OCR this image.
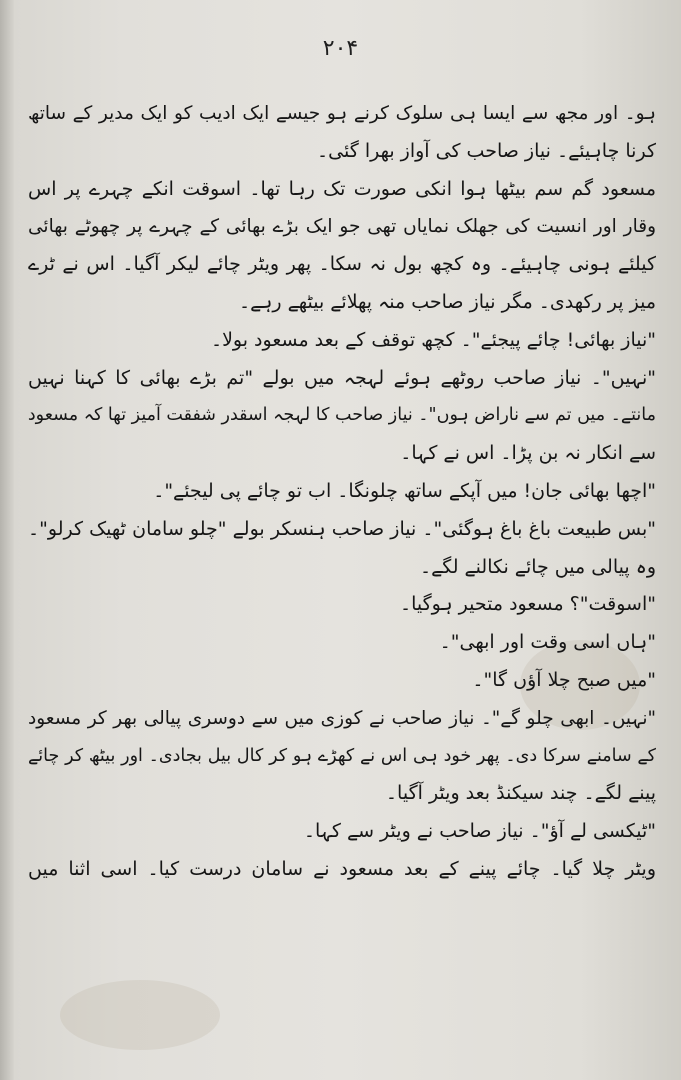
۲۰۴
ہو۔ اور مجھ سے ایسا ہی سلوک کرنے ہو جیسے ایک ادیب کو ایک مدیر کے ساتھ
کرنا چاہیئے۔ نیاز صاحب کی آواز بھرا گئی۔
مسعود گم سم بیٹھا ہوا انکی صورت تک رہا تھا۔ اسوقت انکے چہرے پر اس
وقار اور انسیت کی جھلک نمایاں تھی جو ایک بڑے بھائی کے چہرے پر چھوٹے بھائی
کیلئے ہونی چاہیئے۔ وہ کچھ بول نہ سکا۔ پھر ویٹر چائے لیکر آگیا۔ اس نے ٹرے
میز پر رکھدی۔ مگر نیاز صاحب منہ پھلائے بیٹھے رہے۔
"نیاز بھائی! چائے پیجئے"۔ کچھ توقف کے بعد مسعود بولا۔
"نہیں"۔ نیاز صاحب روٹھے ہوئے لہجہ میں بولے "تم بڑے بھائی کا کہنا نہیں
مانتے۔ میں تم سے ناراض ہوں"۔ نیاز صاحب کا لہجہ اسقدر شفقت آمیز تھا کہ مسعود
سے انکار نہ بن پڑا۔ اس نے کہا۔
"اچھا بھائی جان! میں آپکے ساتھ چلونگا۔ اب تو چائے پی لیجئے"۔
"بس طبیعت باغ باغ ہوگئی"۔ نیاز صاحب ہنسکر بولے "چلو سامان ٹھیک کرلو"۔
وہ پیالی میں چائے نکالنے لگے۔
"اسوقت"؟ مسعود متحیر ہوگیا۔
"ہاں اسی وقت اور ابھی"۔
"میں صبح چلا آؤں گا"۔
"نہیں۔ ابھی چلو گے"۔ نیاز صاحب نے کوزی میں سے دوسری پیالی بھر کر مسعود
کے سامنے سرکا دی۔ پھر خود ہی اس نے کھڑے ہو کر کال بیل بجادی۔ اور بیٹھ کر چائے
پینے لگے۔ چند سیکنڈ بعد ویٹر آگیا۔
"ٹیکسی لے آؤ"۔ نیاز صاحب نے ویٹر سے کہا۔
ویٹر چلا گیا۔ چائے پینے کے بعد مسعود نے سامان درست کیا۔ اسی اثنا میں
